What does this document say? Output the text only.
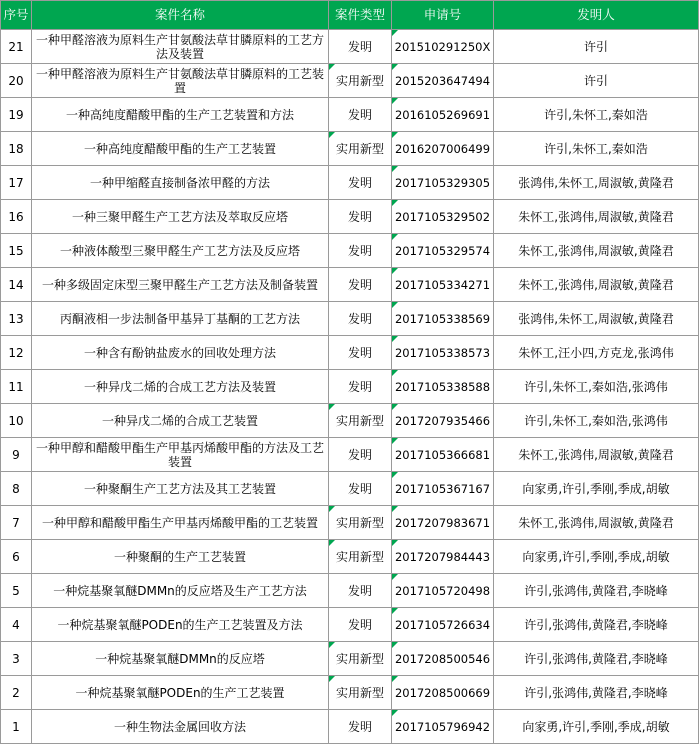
序号	案件名称	案件类型	申请号	发明人
21	一种甲醛溶液为原料生产甘氨酸法草甘膦原料的工艺方法及装置	发明	201510291250X	许引
20	一种甲醛溶液为原料生产甘氨酸法草甘膦原料的工艺装置	实用新型	2015203647494	许引
19	一种高纯度醋酸甲酯的生产工艺装置和方法	发明	2016105269691	许引,朱怀工,秦如浩
18	一种高纯度醋酸甲酯的生产工艺装置	实用新型	2016207006499	许引,朱怀工,秦如浩
17	一种甲缩醛直接制备浓甲醛的方法	发明	2017105329305	张鸿伟,朱怀工,周淑敏,黄隆君
16	一种三聚甲醛生产工艺方法及萃取反应塔	发明	2017105329502	朱怀工,张鸿伟,周淑敏,黄隆君
15	一种液体酸型三聚甲醛生产工艺方法及反应塔	发明	2017105329574	朱怀工,张鸿伟,周淑敏,黄隆君
14	一种多级固定床型三聚甲醛生产工艺方法及制备装置	发明	2017105334271	朱怀工,张鸿伟,周淑敏,黄隆君
13	丙酮液相一步法制备甲基异丁基酮的工艺方法	发明	2017105338569	张鸿伟,朱怀工,周淑敏,黄隆君
12	一种含有酚钠盐废水的回收处理方法	发明	2017105338573	朱怀工,汪小四,方克龙,张鸿伟
11	一种异戊二烯的合成工艺方法及装置	发明	2017105338588	许引,朱怀工,秦如浩,张鸿伟
10	一种异戊二烯的合成工艺装置	实用新型	2017207935466	许引,朱怀工,秦如浩,张鸿伟
9	一种甲醇和醋酸甲酯生产甲基丙烯酸甲酯的方法及工艺装置	发明	2017105366681	朱怀工,张鸿伟,周淑敏,黄隆君
8	一种聚酮生产工艺方法及其工艺装置	发明	2017105367167	向家勇,许引,季刚,季成,胡敏
7	一种甲醇和醋酸甲酯生产甲基丙烯酸甲酯的工艺装置	实用新型	2017207983671	朱怀工,张鸿伟,周淑敏,黄隆君
6	一种聚酮的生产工艺装置	实用新型	2017207984443	向家勇,许引,季刚,季成,胡敏
5	一种烷基聚氧醚DMMn的反应塔及生产工艺方法	发明	2017105720498	许引,张鸿伟,黄隆君,李晓峰
4	一种烷基聚氧醚PODEn的生产工艺装置及方法	发明	2017105726634	许引,张鸿伟,黄隆君,李晓峰
3	一种烷基聚氧醚DMMn的反应塔	实用新型	2017208500546	许引,张鸿伟,黄隆君,李晓峰
2	一种烷基聚氧醚PODEn的生产工艺装置	实用新型	2017208500669	许引,张鸿伟,黄隆君,李晓峰
1	一种生物法金属回收方法	发明	2017105796942	向家勇,许引,季刚,季成,胡敏
